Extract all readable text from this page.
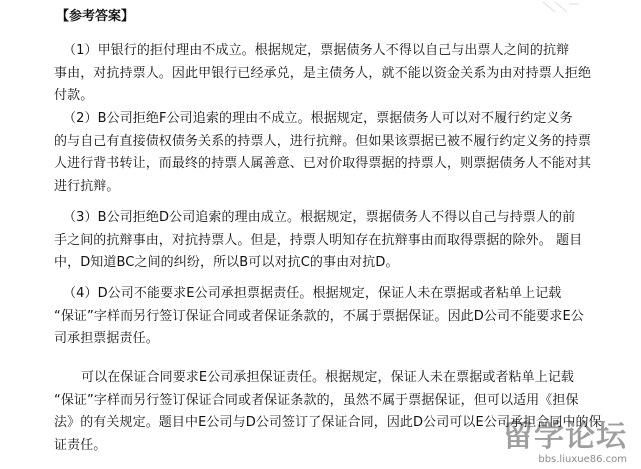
【参考答案】
（1）甲银行的拒付理由不成立。根据规定，票据债务人不得以自己与出票人之间的抗辩
事由，对抗持票人。因此甲银行已经承兑，是主债务人，就不能以资金关系为由对持票人拒绝
付款。
（2）B公司拒绝F公司追索的理由不成立。根据规定，票据债务人可以对不履行约定义务
的与自己有直接债权债务关系的持票人，进行抗辩。但如果该票据已被不履行约定义务的持票
人进行背书转让，而最终的持票人属善意、已对价取得票据的持票人，则票据债务人不能对其
进行抗辩。
（3）B公司拒绝D公司追索的理由成立。根据规定，票据债务人不得以自己与持票人的前
手之间的抗辩事由，对抗持票人。但是，持票人明知存在抗辩事由而取得票据的除外。 题目
中，D知道BC之间的纠纷，所以B可以对抗C的事由对抗D。
（4）D公司不能要求E公司承担票据责任。根据规定，保证人未在票据或者粘单上记载
“保证”字样而另行签订保证合同或者保证条款的，不属于票据保证。因此D公司不能要求E公
司承担票据责任。
可以在保证合同要求E公司承担保证责任。根据规定，保证人未在票据或者粘单上记载
“保证”字样而另行签订保证合同或者保证条款的，虽然不属于票据保证，但可以适用《担保
法》的有关规定。题目中E公司与D公司签订了保证合同，因此D公司可以E公司承担合同中的保
证责任。	留学论坛
bbs.liuxue86.com
